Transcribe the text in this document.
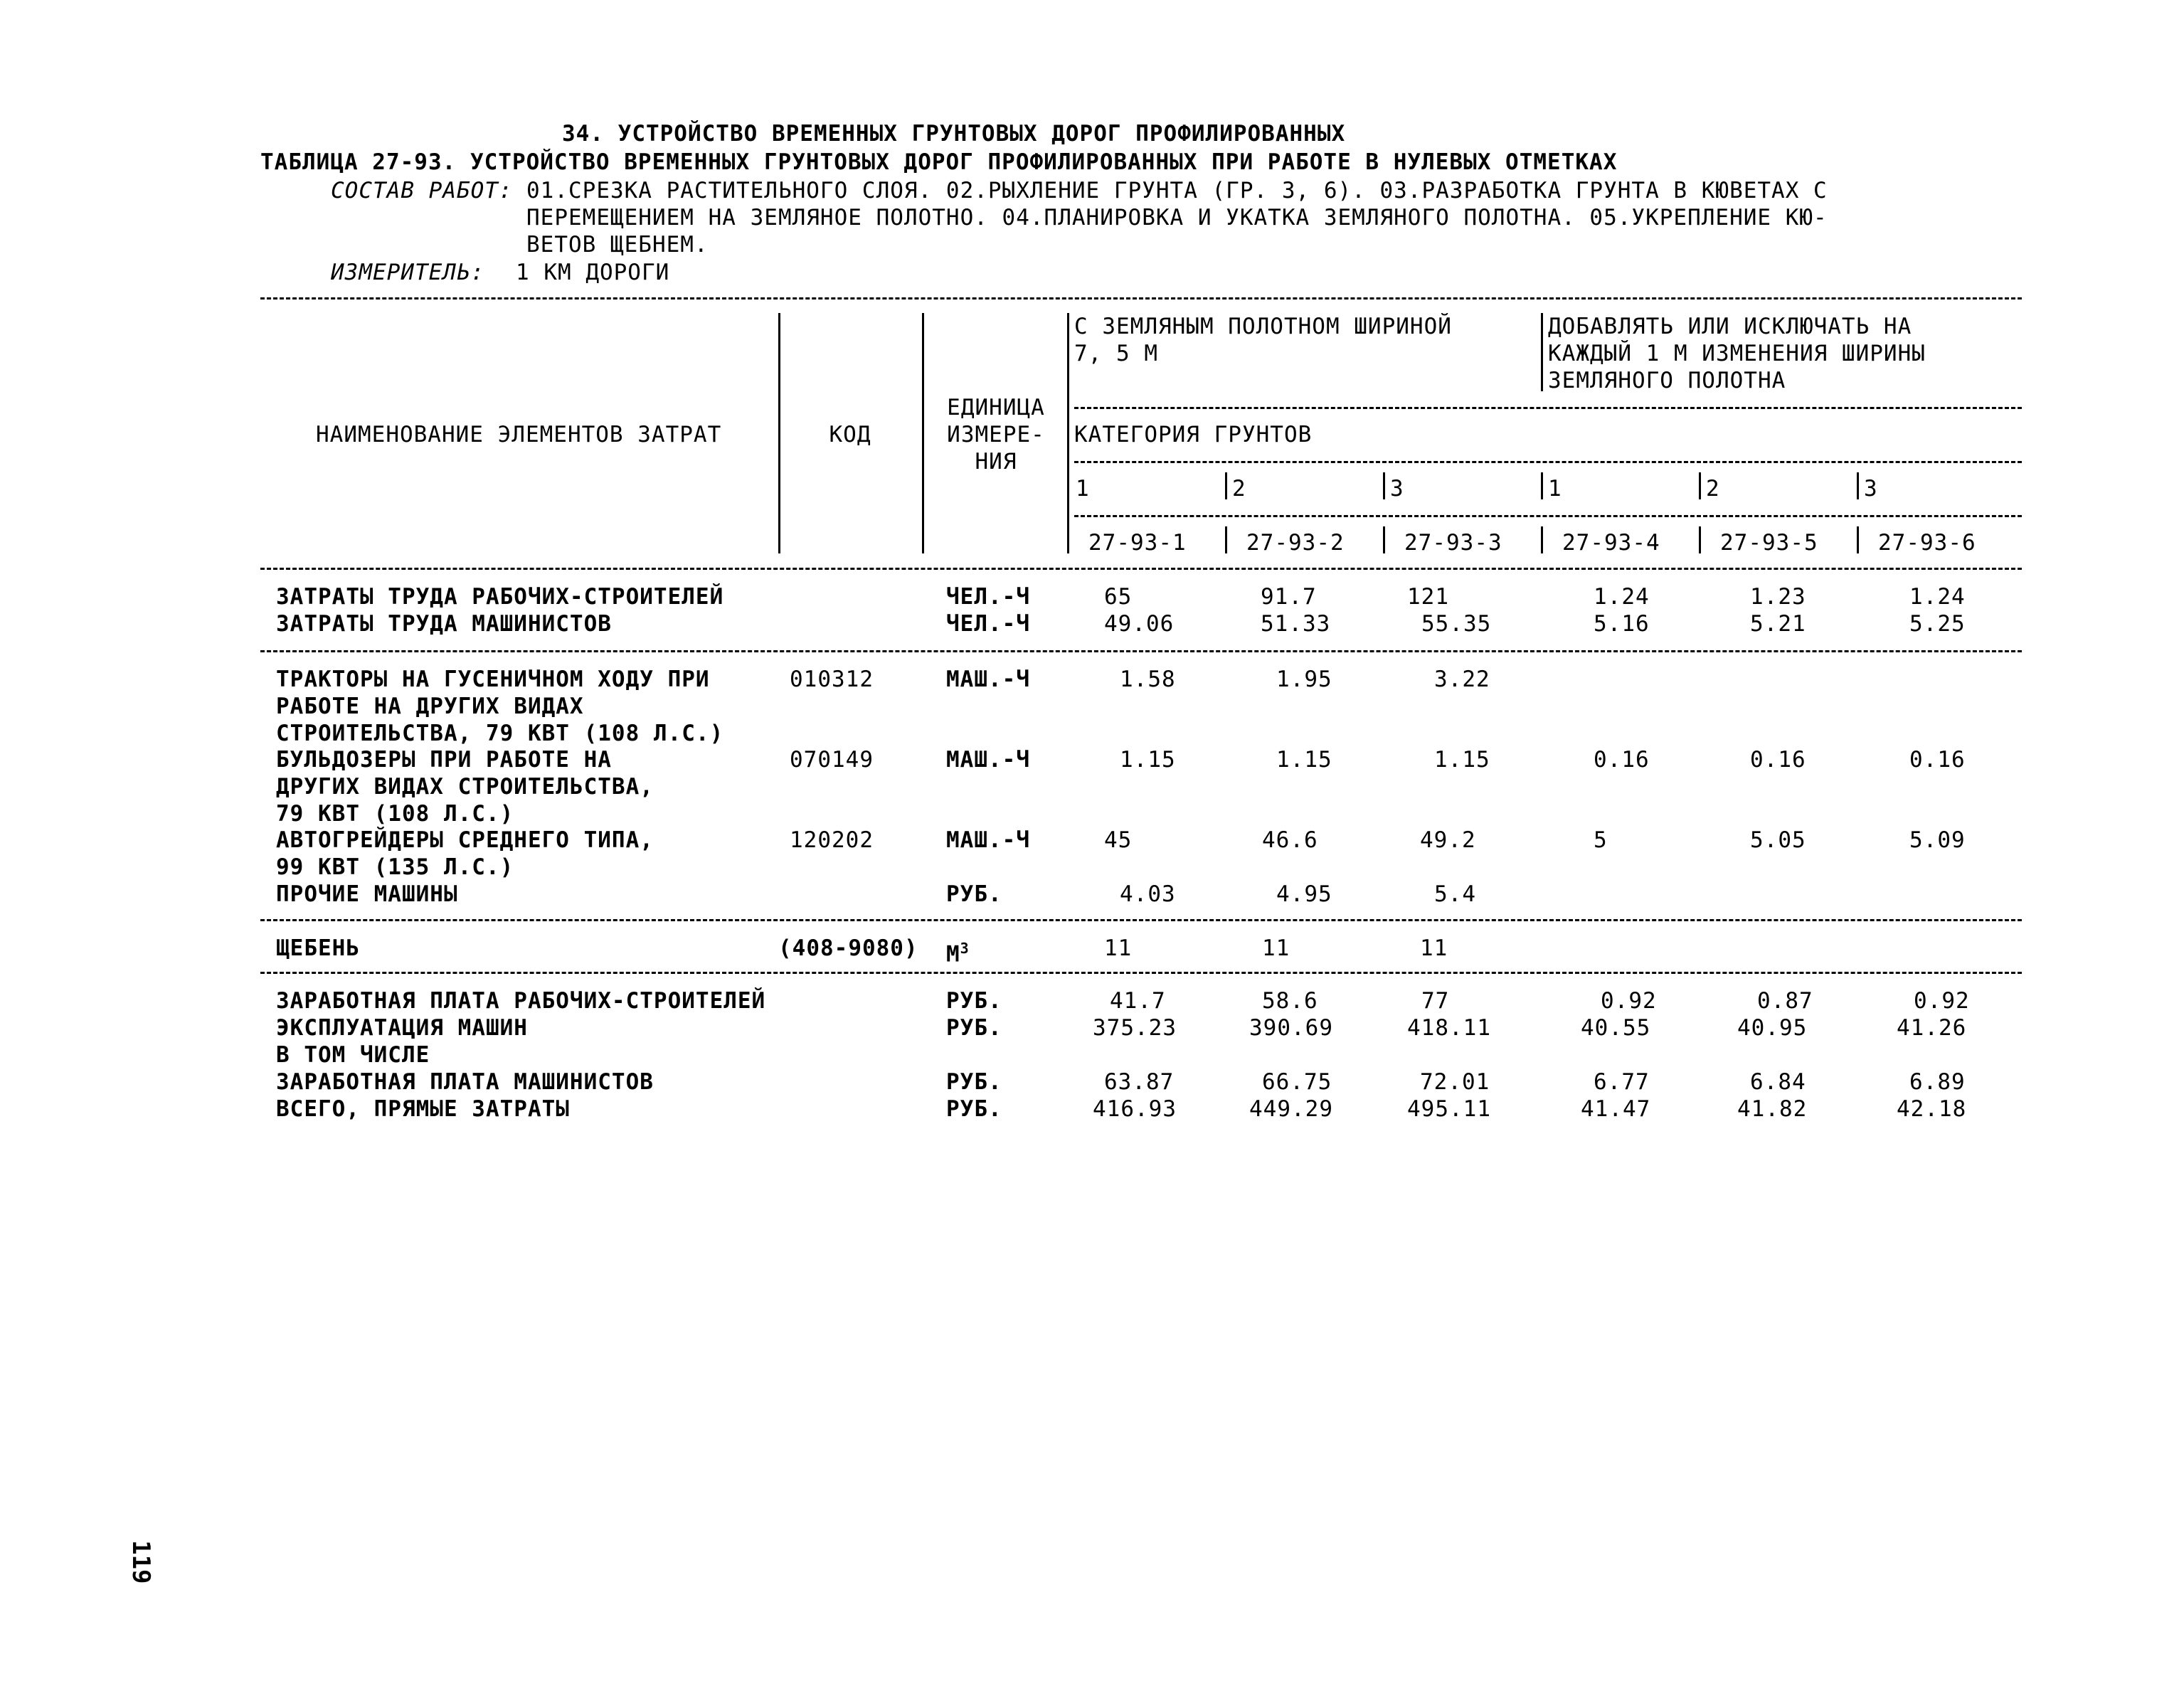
34. УСТРОЙСТВО ВРЕМЕННЫХ ГРУНТОВЫХ ДОРОГ ПРОФИЛИРОВАННЫХ
ТАБЛИЦА 27-93. УСТРОЙСТВО ВРЕМЕННЫХ ГРУНТОВЫХ ДОРОГ ПРОФИЛИРОВАННЫХ ПРИ РАБОТЕ В НУЛЕВЫХ ОТМЕТКАХ
СОСТАВ РАБОТ: 01.СРЕЗКА РАСТИТЕЛЬНОГО СЛОЯ. 02.РЫХЛЕНИЕ ГРУНТА (ГР. 3, 6). 03.РАЗРАБОТКА ГРУНТА В КЮВЕТАХ С
ПЕРЕМЕЩЕНИЕМ НА ЗЕМЛЯНОЕ ПОЛОТНО. 04.ПЛАНИРОВКА И УКАТКА ЗЕМЛЯНОГО ПОЛОТНА. 05.УКРЕПЛЕНИЕ КЮ-
ВЕТОВ ЩЕБНЕМ.
ИЗМЕРИТЕЛЬ: 1 КМ ДОРОГИ
НАИМЕНОВАНИЕ ЭЛЕМЕНТОВ ЗАТРАТ	КОД
ЕДИНИЦА
ИЗМЕРЕ-
НИЯ
С ЗЕМЛЯНЫМ ПОЛОТНОМ ШИРИНОЙ
7, 5 М
ДОБАВЛЯТЬ ИЛИ ИСКЛЮЧАТЬ НА
КАЖДЫЙ 1 М ИЗМЕНЕНИЯ ШИРИНЫ
ЗЕМЛЯНОГО ПОЛОТНА
КАТЕГОРИЯ ГРУНТОВ
1	2	3	1	2	3
27-93-1	27-93-2	27-93-3	27-93-4	27-93-5	27-93-6
ЗАТРАТЫ ТРУДА РАБОЧИХ-СТРОИТЕЛЕЙ	ЧЕЛ.-Ч	65	91.7	121	1.24	1.23	1.24
ЗАТРАТЫ ТРУДА МАШИНИСТОВ	ЧЕЛ.-Ч	49.06	51.33	55.35	5.16	5.21	5.25
ТРАКТОРЫ НА ГУСЕНИЧНОМ ХОДУ ПРИ
РАБОТЕ НА ДРУГИХ ВИДАХ
СТРОИТЕЛЬСТВА, 79 КВТ (108 Л.С.)
010312	МАШ.-Ч	1.58	1.95	3.22
БУЛЬДОЗЕРЫ ПРИ РАБОТЕ НА
ДРУГИХ ВИДАХ СТРОИТЕЛЬСТВА,
79 КВТ (108 Л.С.)
070149	МАШ.-Ч	1.15	1.15	1.15	0.16	0.16	0.16
АВТОГРЕЙДЕРЫ СРЕДНЕГО ТИПА,
99 КВТ (135 Л.С.)
120202	МАШ.-Ч	45	46.6	49.2	5	5.05	5.09
ПРОЧИЕ МАШИНЫ	РУБ.	4.03	4.95	5.4
ЩЕБЕНЬ	(408-9080) $М^3$	11	11	11
ЗАРАБОТНАЯ ПЛАТА РАБОЧИХ-СТРОИТЕЛЕЙ	РУБ.	41.7	58.6	77	0.92	0.87	0.92
ЭКСПЛУАТАЦИЯ МАШИН	РУБ.	375.23	390.69	418.11	40.55	40.95	41.26
В ТОМ ЧИСЛЕ
ЗАРАБОТНАЯ ПЛАТА МАШИНИСТОВ	РУБ.	63.87	66.75	72.01	6.77	6.84	6.89
ВСЕГО, ПРЯМЫЕ ЗАТРАТЫ	РУБ.	416.93	449.29	495.11	41.47	41.82	42.18
119
